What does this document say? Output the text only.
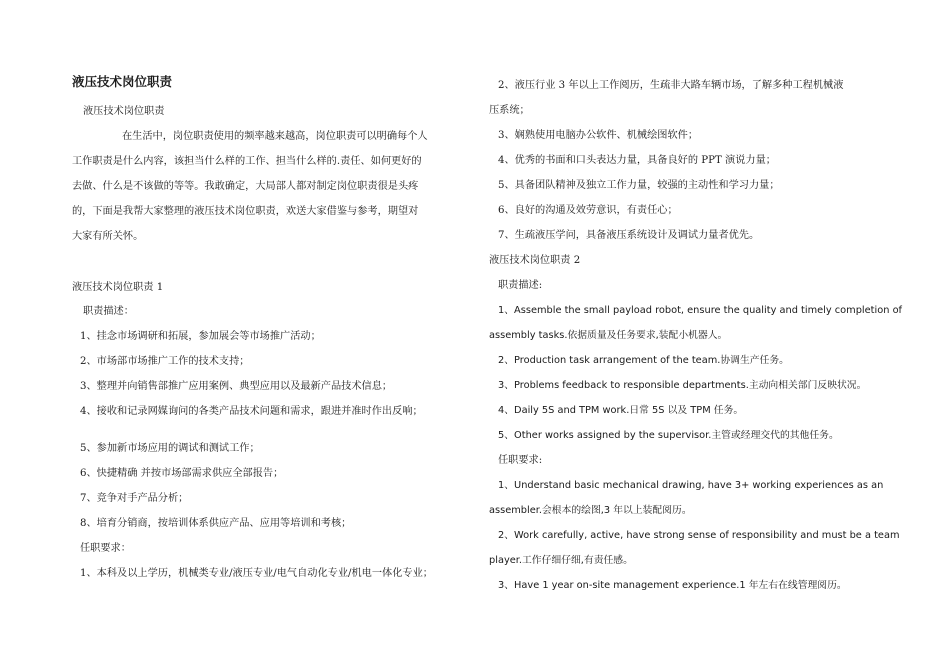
液压技术岗位职责
液压技术岗位职责
在生活中，岗位职责使用的频率越来越高，岗位职责可以明确每个人
工作职责是什么内容，该担当什么样的工作、担当什么样的.责任、如何更好的
去做、什么是不该做的等等。我敢确定，大局部人都对制定岗位职责很是头疼
的，下面是我帮大家整理的液压技术岗位职责，欢送大家借鉴与参考，期望对
大家有所关怀。
液压技术岗位职责 1
职责描述：
1、挂念市场调研和拓展，参加展会等市场推广活动；
2、市场部市场推广工作的技术支持；
3、整理并向销售部推广应用案例、典型应用以及最新产品技术信息；
4、接收和记录网媒询问的各类产品技术问题和需求，跟进并准时作出反响；
5、参加新市场应用的调试和测试工作；
6、快捷精确 并按市场部需求供应全部报告；
7、竞争对手产品分析；
8、培育分销商，按培训体系供应产品、应用等培训和考核；
任职要求：
1、本科及以上学历，机械类专业/液压专业/电气自动化专业/机电一体化专业；
2、液压行业 3 年以上工作阅历，生疏非大路车辆市场，了解多种工程机械液
压系统；
3、娴熟使用电脑办公软件、机械绘图软件；
4、优秀的书面和口头表达力量，具备良好的 PPT 演说力量；
5、具备团队精神及独立工作力量，较强的主动性和学习力量；
6、良好的沟通及效劳意识，有责任心；
7、生疏液压学问，具备液压系统设计及调试力量者优先。
液压技术岗位职责 2
职责描述:
1、Assemble the small payload robot, ensure the quality and timely completion of
assembly tasks.依据质量及任务要求,装配小机器人。
2、Production task arrangement of the team.协调生产任务。
3、Problems feedback to responsible departments.主动向相关部门反映状况。
4、Daily 5S and TPM work.日常 5S 以及 TPM 任务。
5、Other works assigned by the supervisor.主管或经理交代的其他任务。
任职要求:
1、Understand basic mechanical drawing, have 3+ working experiences as an
assembler.会根本的绘图,3 年以上装配阅历。
2、Work carefully, active, have strong sense of responsibility and must be a team
player.工作仔细仔细,有责任感。
3、Have 1 year on-site management experience.1 年左右在线管理阅历。
